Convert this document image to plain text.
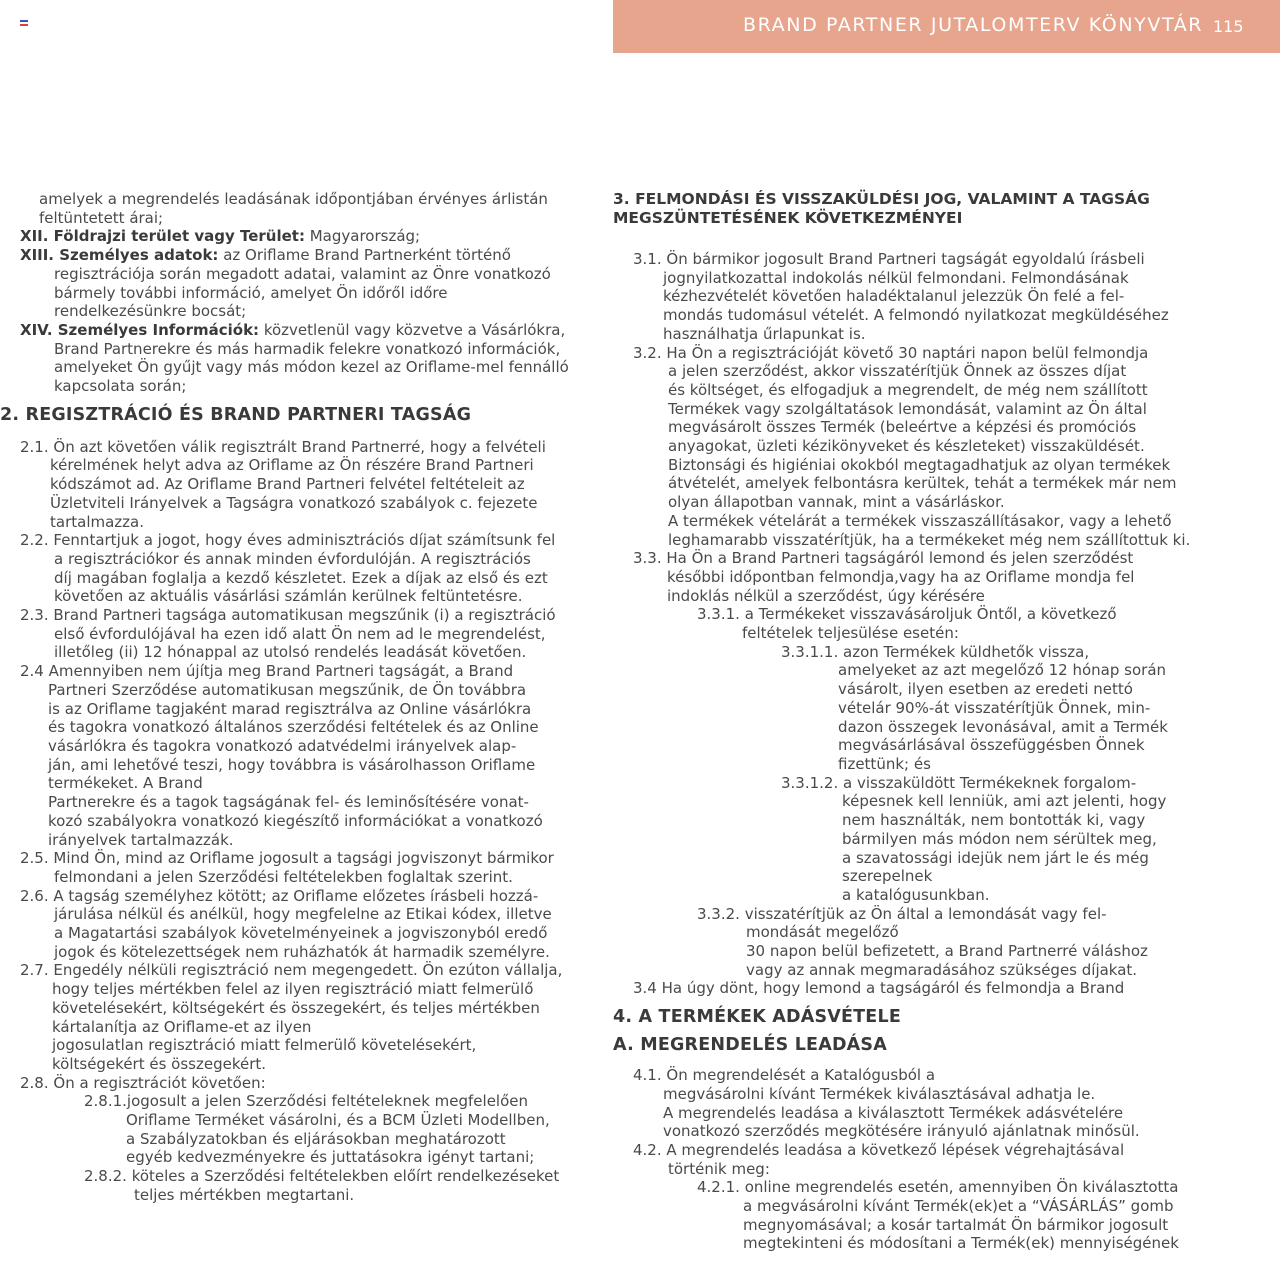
BRAND PARTNER JUTALOMTERV KÖNYVTÁR 115
amelyek a megrendelés leadásának időpontjában érvényes árlistán
feltüntetett árai;
XII. Földrajzi terület vagy Terület: Magyarország;
XIII. Személyes adatok: az Oriflame Brand Partnerként történő
regisztrációja során megadott adatai, valamint az Önre vonatkozó
bármely további információ, amelyet Ön időről időre
rendelkezésünkre bocsát;
XIV. Személyes Információk: közvetlenül vagy közvetve a Vásárlókra,
Brand Partnerekre és más harmadik felekre vonatkozó információk,
amelyeket Ön gyűjt vagy más módon kezel az Oriflame-mel fennálló
kapcsolata során;
2. REGISZTRÁCIÓ ÉS BRAND PARTNERI TAGSÁG
2.1. Ön azt követően válik regisztrált Brand Partnerré, hogy a felvételi
kérelmének helyt adva az Oriflame az Ön részére Brand Partneri
kódszámot ad. Az Oriflame Brand Partneri felvétel feltételeit az
Üzletviteli Irányelvek a Tagságra vonatkozó szabályok c. fejezete
tartalmazza.
2.2. Fenntartjuk a jogot, hogy éves adminisztrációs díjat számítsunk fel
a regisztrációkor és annak minden évfordulóján. A regisztrációs
díj magában foglalja a kezdő készletet. Ezek a díjak az első és ezt
követően az aktuális vásárlási számlán kerülnek feltüntetésre.
2.3. Brand Partneri tagsága automatikusan megszűnik (i) a regisztráció
első évfordulójával ha ezen idő alatt Ön nem ad le megrendelést,
illetőleg (ii) 12 hónappal az utolsó rendelés leadását követően.
2.4 Amennyiben nem újítja meg Brand Partneri tagságát, a Brand
Partneri Szerződése automatikusan megszűnik, de Ön továbbra
is az Oriflame tagjaként marad regisztrálva az Online vásárlókra
és tagokra vonatkozó általános szerződési feltételek és az Online
vásárlókra és tagokra vonatkozó adatvédelmi irányelvek alap-
ján, ami lehetővé teszi, hogy továbbra is vásárolhasson Oriflame
termékeket. A Brand
Partnerekre és a tagok tagságának fel- és leminősítésére vonat-
kozó szabályokra vonatkozó kiegészítő információkat a vonatkozó
irányelvek tartalmazzák.
2.5. Mind Ön, mind az Oriflame jogosult a tagsági jogviszonyt bármikor
felmondani a jelen Szerződési feltételekben foglaltak szerint.
2.6. A tagság személyhez kötött; az Oriflame előzetes írásbeli hozzá-
járulása nélkül és anélkül, hogy megfelelne az Etikai kódex, illetve
a Magatartási szabályok követelményeinek a jogviszonyból eredő
jogok és kötelezettségek nem ruházhatók át harmadik személyre.
2.7. Engedély nélküli regisztráció nem megengedett. Ön ezúton vállalja,
hogy teljes mértékben felel az ilyen regisztráció miatt felmerülő
követelésekért, költségekért és összegekért, és teljes mértékben
kártalanítja az Oriflame-et az ilyen
jogosulatlan regisztráció miatt felmerülő követelésekért,
költségekért és összegekért.
2.8. Ön a regisztrációt követően:
2.8.1.jogosult a jelen Szerződési feltételeknek megfelelően
Oriflame Terméket vásárolni, és a BCM Üzleti Modellben,
a Szabályzatokban és eljárásokban meghatározott
egyéb kedvezményekre és juttatásokra igényt tartani;
2.8.2. köteles a Szerződési feltételekben előírt rendelkezéseket
teljes mértékben megtartani.
3. FELMONDÁSI ÉS VISSZAKÜLDÉSI JOG, VALAMINT A TAGSÁG
MEGSZÜNTETÉSÉNEK KÖVETKEZMÉNYEI
3.1. Ön bármikor jogosult Brand Partneri tagságát egyoldalú írásbeli
jognyilatkozattal indokolás nélkül felmondani. Felmondásának
kézhezvételét követően haladéktalanul jelezzük Ön felé a fel-
mondás tudomásul vételét. A felmondó nyilatkozat megküldéséhez
használhatja űrlapunkat is.
3.2. Ha Ön a regisztrációját követő 30 naptári napon belül felmondja
a jelen szerződést, akkor visszatérítjük Önnek az összes díjat
és költséget, és elfogadjuk a megrendelt, de még nem szállított
Termékek vagy szolgáltatások lemondását, valamint az Ön által
megvásárolt összes Termék (beleértve a képzési és promóciós
anyagokat, üzleti kézikönyveket és készleteket) visszaküldését.
Biztonsági és higiéniai okokból megtagadhatjuk az olyan termékek
átvételét, amelyek felbontásra kerültek, tehát a termékek már nem
olyan állapotban vannak, mint a vásárláskor.
A termékek vételárát a termékek visszaszállításakor, vagy a lehető
leghamarabb visszatérítjük, ha a termékeket még nem szállítottuk ki.
3.3. Ha Ön a Brand Partneri tagságáról lemond és jelen szerződést
későbbi időpontban felmondja,vagy ha az Oriflame mondja fel
indoklás nélkül a szerződést, úgy kérésére
3.3.1. a Termékeket visszavásároljuk Öntől, a következő
feltételek teljesülése esetén:
3.3.1.1. azon Termékek küldhetők vissza,
amelyeket az azt megelőző 12 hónap során
vásárolt, ilyen esetben az eredeti nettó
vételár 90%-át visszatérítjük Önnek, min-
dazon összegek levonásával, amit a Termék
megvásárlásával összefüggésben Önnek
fizettünk; és
3.3.1.2. a visszaküldött Termékeknek forgalom-
képesnek kell lenniük, ami azt jelenti, hogy
nem használták, nem bontották ki, vagy
bármilyen más módon nem sérültek meg,
a szavatossági idejük nem járt le és még
szerepelnek
a katalógusunkban.
3.3.2. visszatérítjük az Ön által a lemondását vagy fel-
mondását megelőző
30 napon belül befizetett, a Brand Partnerré váláshoz
vagy az annak megmaradásához szükséges díjakat.
3.4 Ha úgy dönt, hogy lemond a tagságáról és felmondja a Brand
4. A TERMÉKEK ADÁSVÉTELE
A. MEGRENDELÉS LEADÁSA
4.1. Ön megrendelését a Katalógusból a
megvásárolni kívánt Termékek kiválasztásával adhatja le.
A megrendelés leadása a kiválasztott Termékek adásvételére
vonatkozó szerződés megkötésére irányuló ajánlatnak minősül.
4.2. A megrendelés leadása a következő lépések végrehajtásával
történik meg:
4.2.1. online megrendelés esetén, amennyiben Ön kiválasztotta
a megvásárolni kívánt Termék(ek)et a “VÁSÁRLÁS” gomb
megnyomásával; a kosár tartalmát Ön bármikor jogosult
megtekinteni és módosítani a Termék(ek) mennyiségének
